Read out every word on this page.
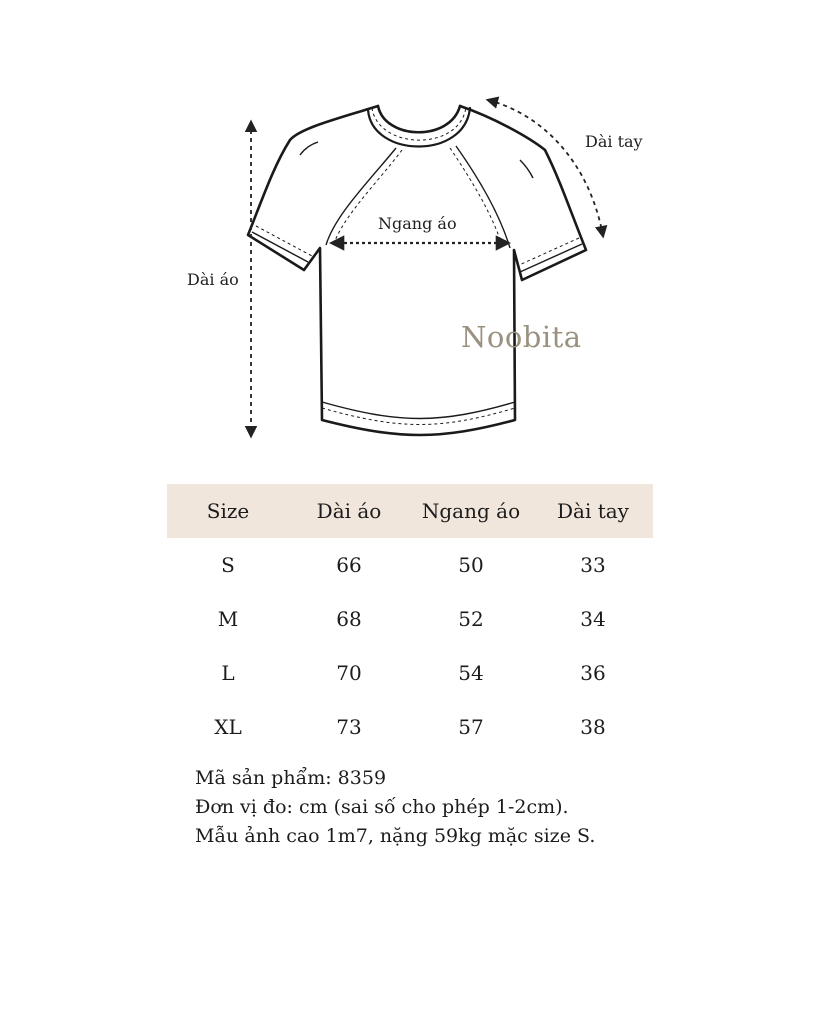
Dài áo
Ngang áo
Dài tay
Noobita
Size	Dài áo	Ngang áo	Dài tay
S	66	50	33
M	68	52	34
L	70	54	36
XL	73	57	38
Mã sản phẩm: 8359
Đơn vị đo: cm (sai số cho phép 1-2cm).
Mẫu ảnh cao 1m7, nặng 59kg mặc size S.
